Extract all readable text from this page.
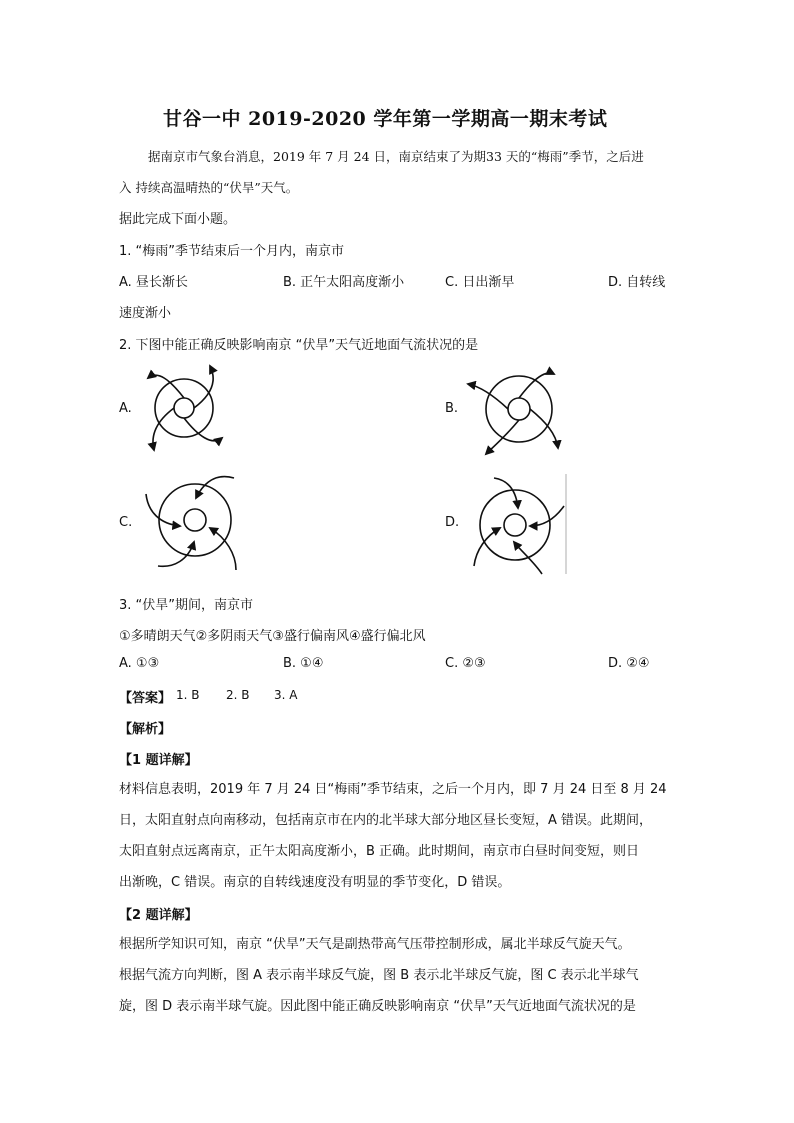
甘谷一中 2019-2020 学年第一学期高一期末考试
据南京市气象台消息，2019 年 7 月 24 日，南京结束了为期33 天的“梅雨”季节，之后进
入 持续高温晴热的“伏旱”天气。
据此完成下面小题。
1. “梅雨”季节结束后一个月内，南京市
A. 昼长渐长	B. 正午太阳高度渐小	C. 日出渐早	D. 自转线
速度渐小
2. 下图中能正确反映影响南京 “伏旱”天气近地面气流状况的是
A.	B.
C.	D.
3. “伏旱”期间，南京市
①多晴朗天气②多阴雨天气③盛行偏南风④盛行偏北风
A. ①③	B. ①④	C. ②③	D. ②④
【答案】 1. B 2. B 3. A
【解析】
【1 题详解】
材料信息表明，2019 年 7 月 24 日“梅雨”季节结束，之后一个月内，即 7 月 24 日至 8 月 24
日，太阳直射点向南移动，包括南京市在内的北半球大部分地区昼长变短，A 错误。此期间，
太阳直射点远离南京，正午太阳高度渐小，B 正确。此时期间，南京市白昼时间变短，则日
出渐晚，C 错误。南京的自转线速度没有明显的季节变化，D 错误。
【2 题详解】
根据所学知识可知，南京 “伏旱”天气是副热带高气压带控制形成，属北半球反气旋天气。
根据气流方向判断，图 A 表示南半球反气旋，图 B 表示北半球反气旋，图 C 表示北半球气
旋，图 D 表示南半球气旋。因此图中能正确反映影响南京 “伏旱”天气近地面气流状况的是
